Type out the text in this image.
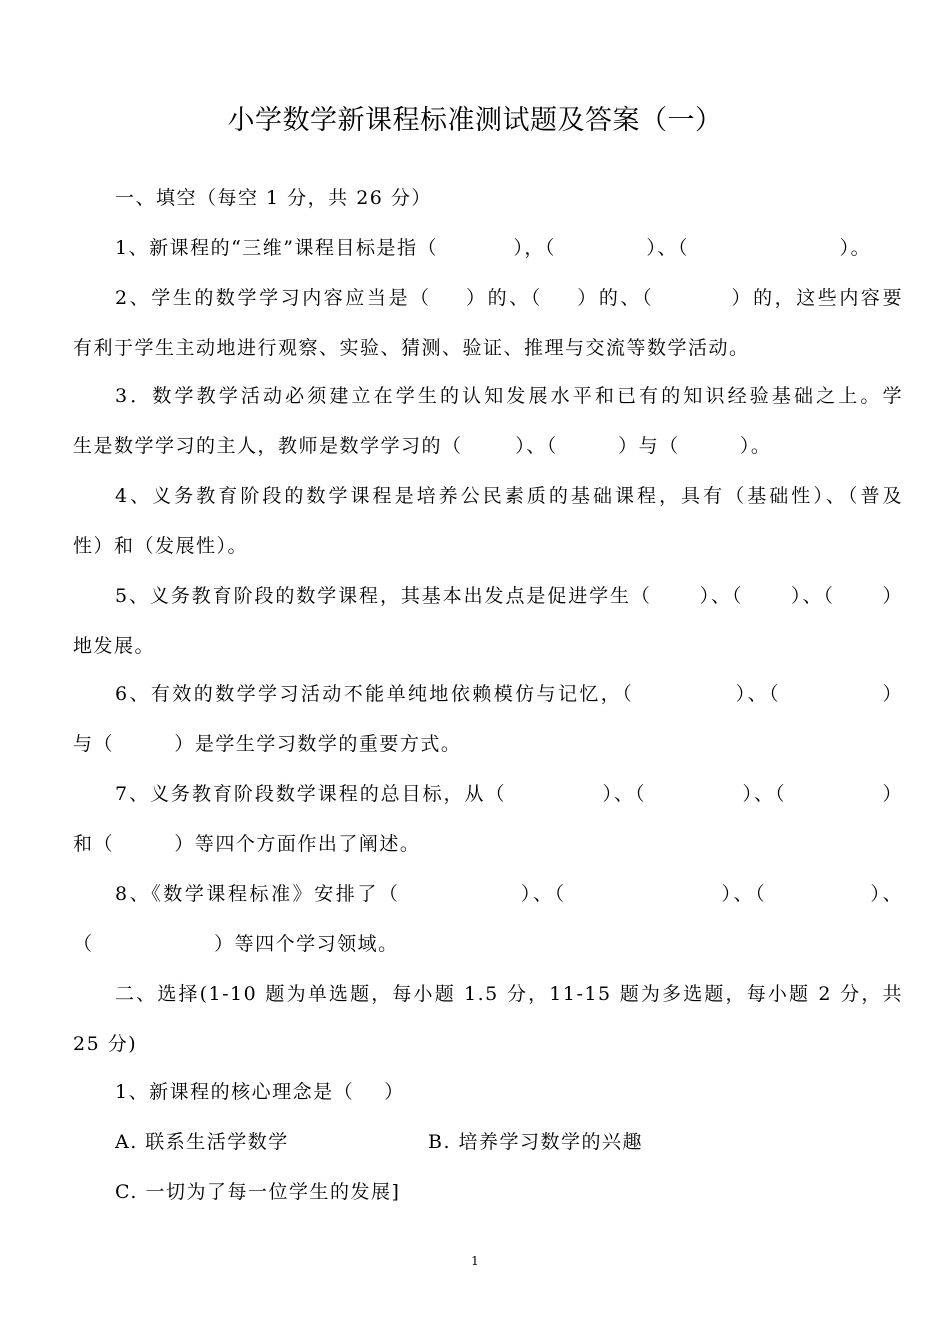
小学数学新课程标准测试题及答案（一）
一、填空（每空 1 分，共 26 分）
1、新课程的“三维”课程目标是指（          ），（            ）、（                    ）。
2、学生的数学学习内容应当是（    ）的、（    ）的、（         ）的，这些内容要
有利于学生主动地进行观察、实验、猜测、验证、推理与交流等数学活动。
3．数学教学活动必须建立在学生的认知发展水平和已有的知识经验基础之上。学
生是数学学习的主人，教师是数学学习的（       ）、（        ）与（        ）。
4、义务教育阶段的数学课程是培养公民素质的基础课程，具有（基础性）、（普及
性）和（发展性）。
5、义务教育阶段的数学课程，其基本出发点是促进学生（      ）、（      ）、（      ）
地发展。
6、有效的数学学习活动不能单纯地依赖模仿与记忆，（            ）、（            ）
与（        ）是学生学习数学的重要方式。
7、义务教育阶段数学课程的总目标，从（            ）、（            ）、（            ）
和（        ）等四个方面作出了阐述。
8、《数学课程标准》安排了（              ）、（                  ）、（            ）、
（                ）等四个学习领域。
二、选择(1-10 题为单选题，每小题 1.5 分，11-15 题为多选题，每小题 2 分，共
25 分)
1、新课程的核心理念是（    ）
A. 联系生活学数学	B. 培养学习数学的兴趣
C. 一切为了每一位学生的发展]
1
